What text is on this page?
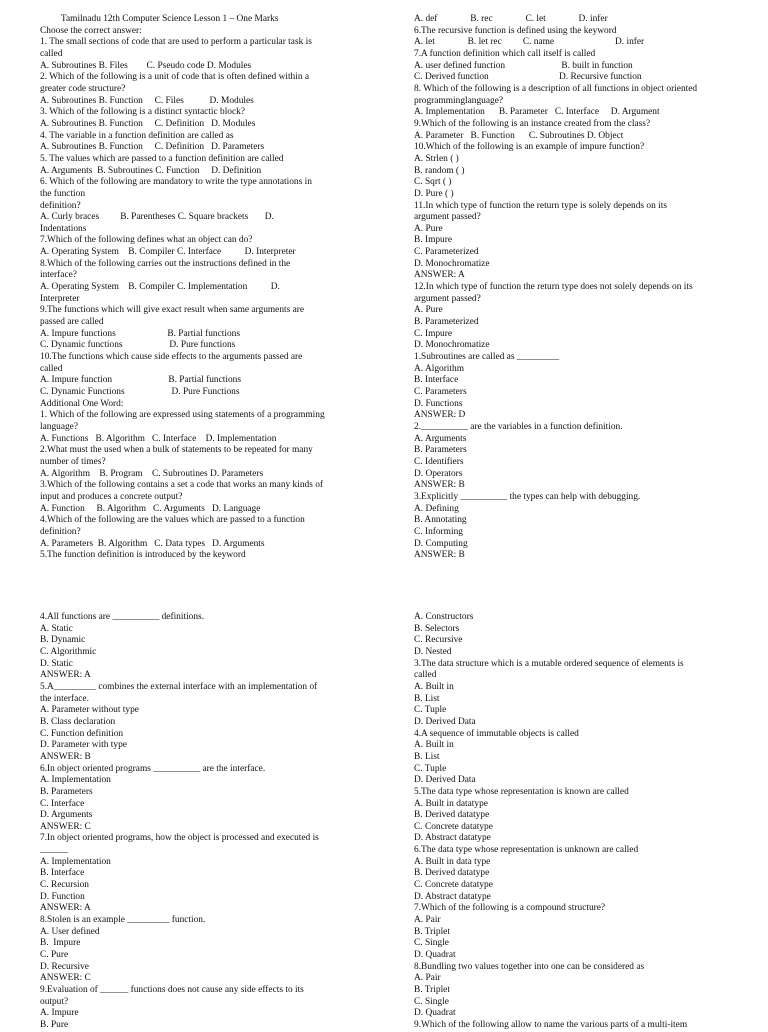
Tamilnadu 12th Computer Science Lesson 1 – One Marks
Choose the correct answer:
1. The small sections of code that are used to perform a particular task is
called
A. Subroutines B. Files        C. Pseudo code D. Modules
2. Which of the following is a unit of code that is often defined within a
greater code structure?
A. Subroutines B. Function     C. Files           D. Modules
3. Which of the following is a distinct syntactic block?
A. Subroutines B. Function     C. Definition   D. Modules
4. The variable in a function definition are called as
A. Subroutines B. Function     C. Definition   D. Parameters
5. The values which are passed to a function definition are called
A. Arguments  B. Subroutines C. Function     D. Definition
6. Which of the following are mandatory to write the type annotations in
the function
definition?
A. Curly braces         B. Parentheses C. Square brackets       D.
Indentations
7.Which of the following defines what an object can do?
A. Operating System    B. Compiler C. Interface          D. Interpreter
8.Which of the following carries out the instructions defined in the
interface?
A. Operating System    B. Compiler C. Implementation          D.
Interpreter
9.The functions which will give exact result when same arguments are
passed are called
A. Impure functions                      B. Partial functions
C. Dynamic functions                    D. Pure functions
10.The functions which cause side effects to the arguments passed are
called
A. Impure function                        B. Partial functions
C. Dynamic Functions                    D. Pure Functions
Additional One Word:
1. Which of the following are expressed using statements of a programming
language?
A. Functions   B. Algorithm   C. Interface    D. Implementation
2.What must the used when a bulk of statements to be repeated for many
number of times?
A. Algorithm    B. Program    C. Subroutines D. Parameters
3.Which of the following contains a set a code that works an many kinds of
input and produces a concrete output?
A. Function     B. Algorithm   C. Arguments   D. Language
4.Which of the following are the values which are passed to a function
definition?
A. Parameters  B. Algorithm   C. Data types   D. Arguments
5.The function definition is introduced by the keyword
A. def              B. rec              C. let              D. infer
6.The recursive function is defined using the keyword
A. let              B. let rec         C. name                          D. infer
7.A function definition which call itself is called
A. user defined function                        B. built in function
C. Derived function                              D. Recursive function
8. Which of the following is a description of all functions in object oriented
programminglanguage?
A. Implementation      B. Parameter   C. Interface     D. Argument
9.Which of the following is an instance created from the class?
A. Parameter   B. Function      C. Subroutines D. Object
10.Which of the following is an example of impure function?
A. Strlen ( )
B. random ( )
C. Sqrt ( )
D. Pure ( )
11.In which type of function the return type is solely depends on its
argument passed?
A. Pure
B. Impure
C. Parameterized
D. Monochromatize
ANSWER: A
12.In which type of function the return type does not solely depends on its
argument passed?
A. Pure
B. Parameterized
C. Impure
D. Monochromatize
1.Subroutines are called as _________
A. Algorithm
B. Interface
C. Parameters
D. Functions
ANSWER: D
2.__________ are the variables in a function definition.
A. Arguments
B. Parameters
C. Identifiers
D. Operators
ANSWER: B
3.Explicitly __________ the types can help with debugging.
A. Defining
B. Annotating
C. Informing
D. Computing
ANSWER: B
4.All functions are __________ definitions.
A. Static
B. Dynamic
C. Algorithmic
D. Static
ANSWER: A
5.A_________ combines the external interface with an implementation of
the interface.
A. Parameter without type
B. Class declaration
C. Function definition
D. Parameter with type
ANSWER: B
6.In object oriented programs __________ are the interface.
A. Implementation
B. Parameters
C. Interface
D. Arguments
ANSWER: C
7.In object oriented programs, how the object is processed and executed is
______
A. Implementation
B. Interface
C. Recursion
D. Function
ANSWER: A
8.Stolen is an example _________ function.
A. User defined
B.  Impure
C. Pure
D. Recursive
ANSWER: C
9.Evaluation of ______ functions does not cause any side effects to its
output?
A. Impure
B. Pure
A. Constructors
B. Selectors
C. Recursive
D. Nested
3.The data structure which is a mutable ordered sequence of elements is
called
A. Built in
B. List
C. Tuple
D. Derived Data
4.A sequence of immutable objects is called
A. Built in
B. List
C. Tuple
D. Derived Data
5.The data type whose representation is known are called
A. Built in datatype
B. Derived datatype
C. Concrete datatype
D. Abstract datatype
6.The data type whose representation is unknown are called
A. Built in data type
B. Derived datatype
C. Concrete datatype
D. Abstract datatype
7.Which of the following is a compound structure?
A. Pair
B. Triplet
C. Single
D. Quadrat
8.Bundling two values together into one can be considered as
A. Pair
B. Triplet
C. Single
D. Quadrat
9.Which of the following allow to name the various parts of a multi-item
